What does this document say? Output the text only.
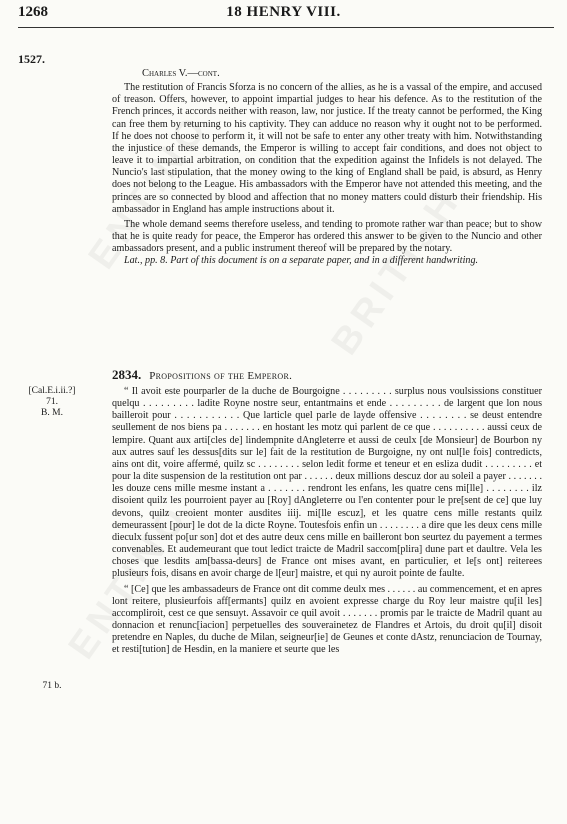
1268	18 HENRY VIII.
1527.
Charles V.—cont.

The restitution of Francis Sforza is no concern of the allies, as he is a vassal of the empire, and accused of treason. Offers, however, to appoint impartial judges to hear his defence. As to the restitution of the French princes, it accords neither with reason, law, nor justice. If the treaty cannot be performed, the King can free them by returning to his captivity. They can adduce no reason why it ought not to be performed. If he does not choose to perform it, it will not be safe to enter any other treaty with him. Notwithstanding the injustice of these demands, the Emperor is willing to accept fair conditions, and does not object to leave it to impartial arbitration, on condition that the expedition against the Infidels is not delayed. The Nuncio's last stipulation, that the money owing to the king of England shall be paid, is absurd, as Henry does not belong to the League. His ambassadors with the Emperor have not attended this meeting, and the princes are so connected by blood and affection that no money matters could disturb their friendship. His ambassador in England has ample instructions about it.

The whole demand seems therefore useless, and tending to promote rather war than peace; but to show that he is quite ready for peace, the Emperor has ordered this answer to be given to the Nuncio and other ambassadors present, and a public instrument thereof will be prepared by the notary.

Lat., pp. 8. Part of this document is on a separate paper, and in a different handwriting.

2834. Propositions of the Emperor.
[Cal.E.i.ii.?]
71.
B. M.

“ Il avoit este pourparler de la duche de Bourgoigne . . . . . . . . . surplus nous voulsissions constituer quelqu . . . . . . . . . ladite Royne nostre seur, entantmains et ende . . . . . . . . . de largent que lon nous bailleroit pour . . . . . . . . . . . Que larticle quel parle de layde offensive . . . . . . . . se deust entendre seullement de nos biens pa . . . . . . . en hostant les motz qui parlent de ce que . . . . . . . . . . aussi ceux de lempire. Quant aux arti[cles de] lindempnite dAngleterre et aussi de ceulx [de Monsieur] de Bourbon ny aux autres sauf les dessus[dits sur le] fait de la restitution de Burgoigne, ny ont nul[le fois] contredicts, ains ont dit, voire affermé, quilz sc . . . . . . . . selon ledit forme et teneur et en esliza dudit . . . . . . . . . et pour la dite suspension de la restitution ont par . . . . . . deux millions descuz dor au soleil a payer . . . . . . . les douze cens mille mesme instant a . . . . . . . rendront les enfans, les quatre cens mi[lle] . . . . . . . . ilz disoient quilz les pourroient payer au [Roy] dAngleterre ou l'en contenter pour le pre[sent de ce] que luy devons, quilz creoient monter ausdites iiij. mi[lle escuz], et les quatre cens mille restants quilz demeurassent [pour] le dot de la dicte Royne. Toutesfois enfin un . . . . . . . . a dire que les deux cens mille dieculx fussent po[ur son] dot et des autre deux cens mille en bailleront bon seurtez du payement a termes convenables. Et audemeurant que tout ledict traicte de Madril saccom[plira] dune part et daultre. Vela les choses que lesdits am[bassa-deurs] de France ont mises avant, en particulier, et le[s ont] reiterees plusieurs fois, disans en avoir charge de l[eur] maistre, et qui ny auroit pointe de faulte.

“ [Ce] que les ambassadeurs de France ont dit comme deulx mes . . . . . . au commencement, et en apres lont reitere, plusieurfois aff[ermants] quilz en avoient expresse charge du Roy leur maistre qu[il les] accompliroit, cest ce que sensuyt. Assavoir ce quil avoit . . . . . . . promis par le traicte de Madril quant au donnacion et renunc[iacion] perpetuelles des souverainetez de Flandres et Artois, du droit qu[il] disoit pretendre en Naples, du duche de Milan, seigneur[ie] de Geunes et conte dAstz, renunciacion de Tournay, et resti[tution] de Hesdin, en la maniere et seurte que les

71 b.
